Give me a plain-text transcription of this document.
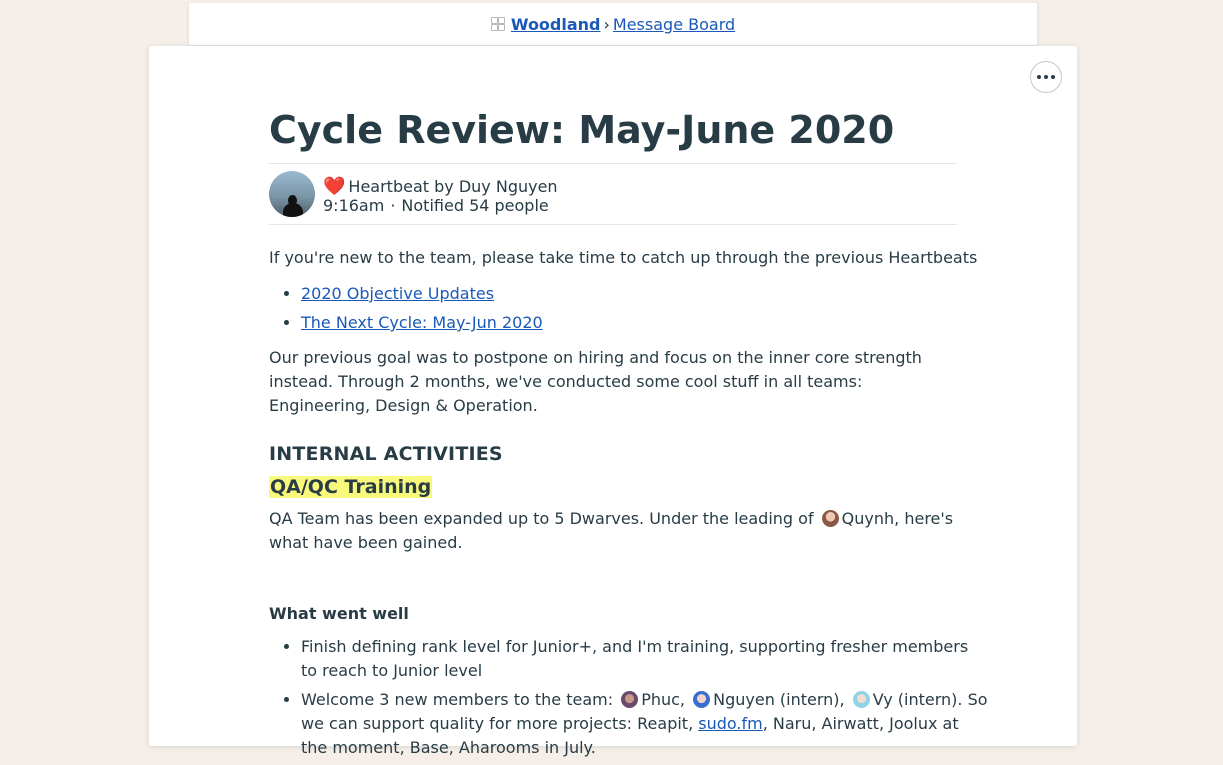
Woodland › Message Board
Cycle Review: May-June 2020
❤️ Heartbeat by Duy Nguyen
9:16am · Notified 54 people
If you're new to the team, please take time to catch up through the previous Heartbeats
• 2020 Objective Updates
• The Next Cycle: May-Jun 2020
Our previous goal was to postpone on hiring and focus on the inner core strength instead. Through 2 months, we've conducted some cool stuff in all teams: Engineering, Design & Operation.
INTERNAL ACTIVITIES
QA/QC Training
QA Team has been expanded up to 5 Dwarves. Under the leading of Quynh, here's what have been gained.
What went well
• Finish defining rank level for Junior+, and I'm training, supporting fresher members to reach to Junior level
• Welcome 3 new members to the team: Phuc, Nguyen (intern), Vy (intern). So we can support quality for more projects: Reapit, sudo.fm, Naru, Airwatt, Joolux at the moment, Base, Aharooms in July.
